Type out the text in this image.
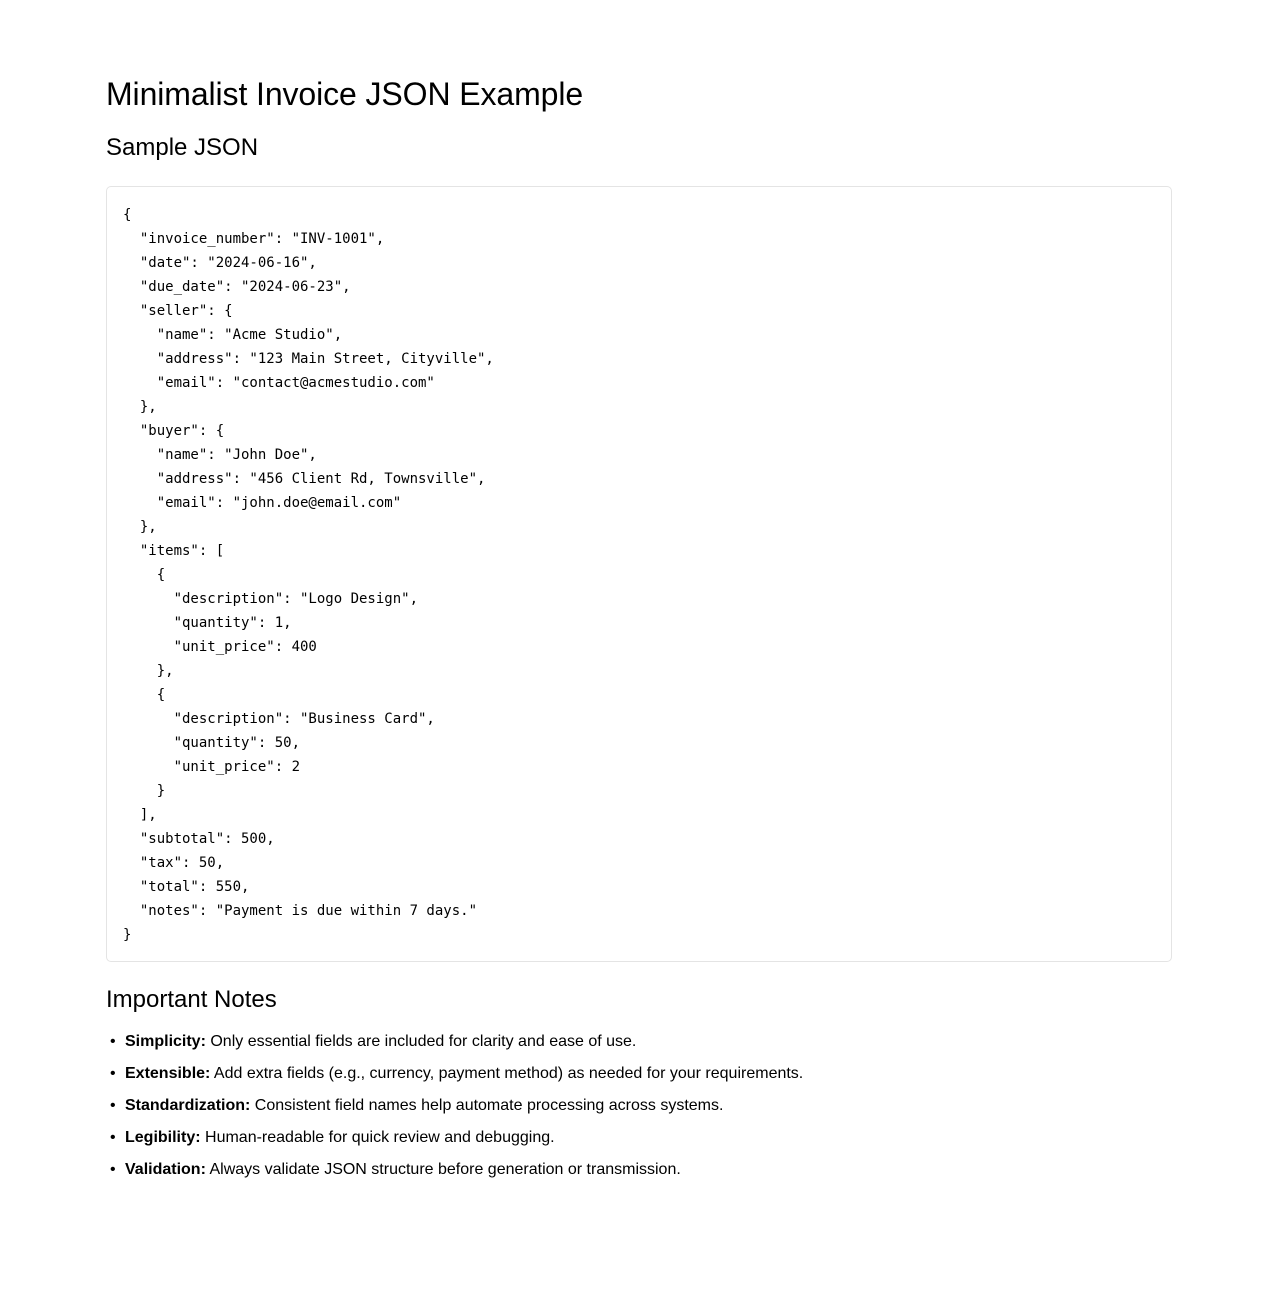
Minimalist Invoice JSON Example
Sample JSON
{
"invoice_number": "INV-1001",
"date": "2024-06-16",
"due_date": "2024-06-23",
"seller": {
"name": "Acme Studio",
"address": "123 Main Street, Cityville",
"email": "contact@acmestudio.com"
},
"buyer": {
"name": "John Doe",
"address": "456 Client Rd, Townsville",
"email": "john.doe@email.com"
},
"items": [
{
"description": "Logo Design",
"quantity": 1,
"unit_price": 400
},
{
"description": "Business Card",
"quantity": 50,
"unit_price": 2
}
],
"subtotal": 500,
"tax": 50,
"total": 550,
"notes": "Payment is due within 7 days."
}
Important Notes
• Simplicity: Only essential fields are included for clarity and ease of use.
• Extensible: Add extra fields (e.g., currency, payment method) as needed for your requirements.
• Standardization: Consistent field names help automate processing across systems.
• Legibility: Human-readable for quick review and debugging.
• Validation: Always validate JSON structure before generation or transmission.
